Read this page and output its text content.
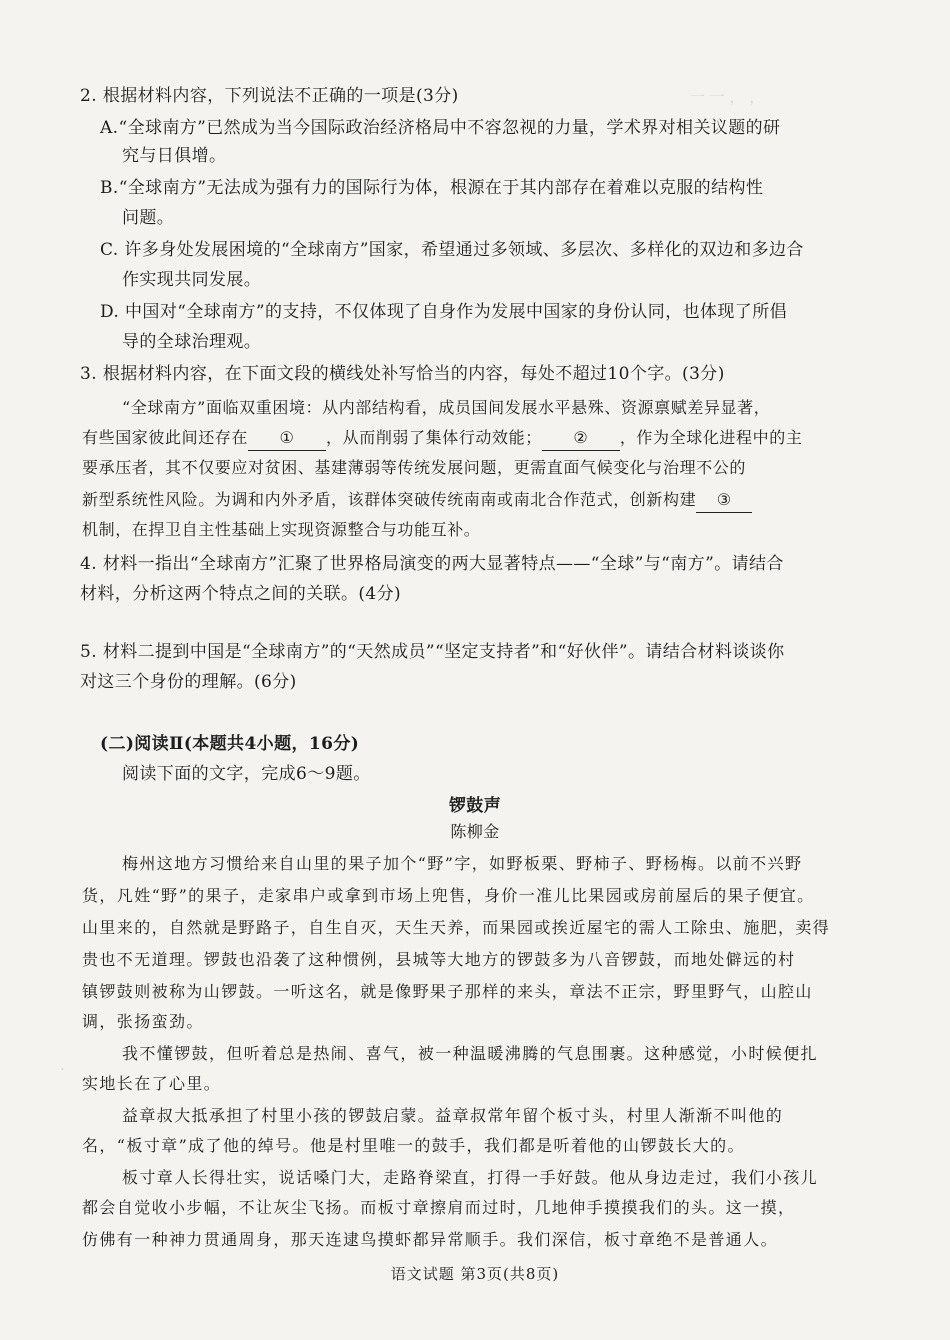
一 一 ， ，
·
2. 根据材料内容，下列说法不正确的一项是(3分)
A.“全球南方”已然成为当今国际政治经济格局中不容忽视的力量，学术界对相关议题的研
究与日俱增。
B.“全球南方”无法成为强有力的国际行为体，根源在于其内部存在着难以克服的结构性
问题。
C. 许多身处发展困境的“全球南方”国家，希望通过多领域、多层次、多样化的双边和多边合
作实现共同发展。
D. 中国对“全球南方”的支持，不仅体现了自身作为发展中国家的身份认同，也体现了所倡
导的全球治理观。
3. 根据材料内容，在下面文段的横线处补写恰当的内容，每处不超过10个字。(3分)
“全球南方”面临双重困境：从内部结构看，成员国间发展水平悬殊、资源禀赋差异显著，
有些国家彼此间还存在 ① ，从而削弱了集体行动效能； ② ，作为全球化进程中的主
要承压者，其不仅要应对贫困、基建薄弱等传统发展问题，更需直面气候变化与治理不公的
新型系统性风险。为调和内外矛盾，该群体突破传统南南或南北合作范式，创新构建 ③
机制，在捍卫自主性基础上实现资源整合与功能互补。
4. 材料一指出“全球南方”汇聚了世界格局演变的两大显著特点——“全球”与“南方”。请结合
材料，分析这两个特点之间的关联。(4分)
5. 材料二提到中国是“全球南方”的“天然成员”“坚定支持者”和“好伙伴”。请结合材料谈谈你
对这三个身份的理解。(6分)
(二)阅读Ⅱ(本题共4小题，16分)
阅读下面的文字，完成6～9题。
锣鼓声
陈柳金
梅州这地方习惯给来自山里的果子加个“野”字，如野板栗、野柿子、野杨梅。以前不兴野
货，凡姓“野”的果子，走家串户或拿到市场上兜售，身价一准儿比果园或房前屋后的果子便宜。
山里来的，自然就是野路子，自生自灭，天生天养，而果园或挨近屋宅的需人工除虫、施肥，卖得
贵也不无道理。锣鼓也沿袭了这种惯例，县城等大地方的锣鼓多为八音锣鼓，而地处僻远的村
镇锣鼓则被称为山锣鼓。一听这名，就是像野果子那样的来头，章法不正宗，野里野气，山腔山
调，张扬蛮劲。
我不懂锣鼓，但听着总是热闹、喜气，被一种温暖沸腾的气息围裹。这种感觉，小时候便扎
实地长在了心里。
益章叔大抵承担了村里小孩的锣鼓启蒙。益章叔常年留个板寸头，村里人渐渐不叫他的
名，“板寸章”成了他的绰号。他是村里唯一的鼓手，我们都是听着他的山锣鼓长大的。
板寸章人长得壮实，说话嗓门大，走路脊梁直，打得一手好鼓。他从身边走过，我们小孩儿
都会自觉收小步幅，不让灰尘飞扬。而板寸章擦肩而过时，几地伸手摸摸我们的头。这一摸，
仿佛有一种神力贯通周身，那天连逮鸟摸虾都异常顺手。我们深信，板寸章绝不是普通人。
语文试题 第3页(共8页)
